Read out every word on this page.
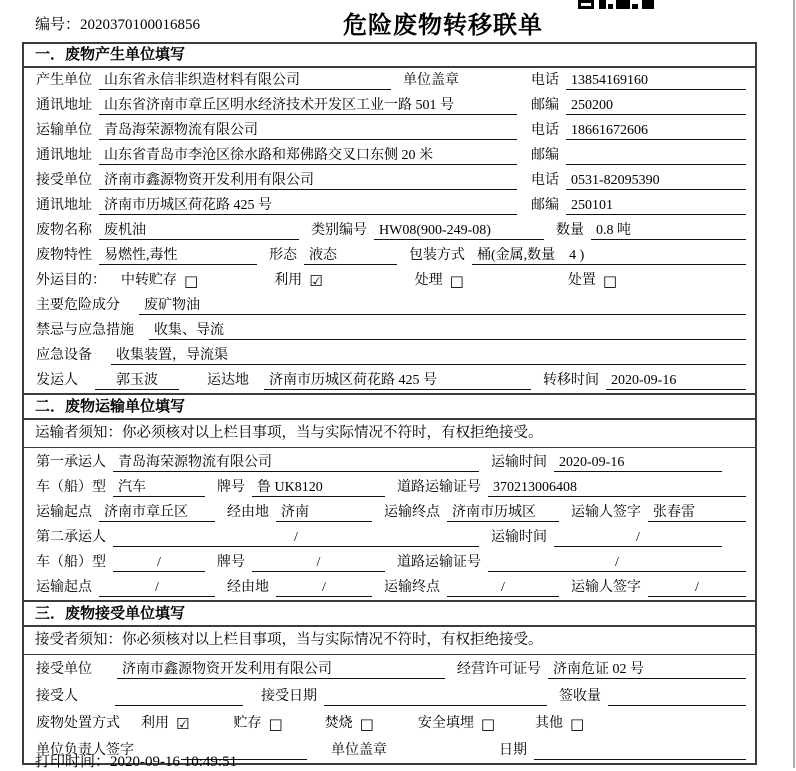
编号：2020370100016856	危险废物转移联单
一．废物产生单位填写
产生单位 山东省永信非织造材料有限公司	单位盖章	电话 13854169160
通讯地址 山东省济南市章丘区明水经济技术开发区工业一路 501 号	邮编 250200
运输单位 青岛海荣源物流有限公司	电话 18661672606
通讯地址 山东省青岛市李沧区徐水路和郑佛路交叉口东侧 20 米	邮编
接受单位 济南市鑫源物资开发利用有限公司	电话 0531-82095390
通讯地址 济南市历城区荷花路 425 号	邮编 250101
废物名称 废机油	类别编号 HW08(900-249-08)	数量 0.8 吨
废物特性 易燃性,毒性	形态 液态	包装方式 桶(金属,数量　4 )
外运目的：	中转贮存 □	利用 ☑	处理 □	处置 □
主要危险成分	废矿物油
禁忌与应急措施	收集、导流
应急设备	收集装置，导流渠
发运人	郭玉波	运达地	济南市历城区荷花路 425 号	转移时间 2020-09-16
二．废物运输单位填写
运输者须知：你必须核对以上栏目事项，当与实际情况不符时，有权拒绝接受。
第一承运人 青岛海荣源物流有限公司	运输时间 2020-09-16
车（船）型 汽车	牌号 鲁 UK8120	道路运输证号 370213006408
运输起点 济南市章丘区	经由地 济南	运输终点 济南市历城区	运输人签字 张春雷
第二承运人	/	运输时间	/
车（船）型	/	牌号	/	道路运输证号	/
运输起点	/	经由地	/	运输终点	/	运输人签字	/
三．废物接受单位填写
接受者须知：你必须核对以上栏目事项，当与实际情况不符时，有权拒绝接受。
接受单位	济南市鑫源物资开发利用有限公司	经营许可证号 济南危证 02 号
接受人	接受日期	签收量
废物处置方式	利用 ☑	贮存 □	焚烧 □	安全填埋 □	其他 □
单位负责人签字	单位盖章	日期
打印时间：2020-09-16 10:49:51
